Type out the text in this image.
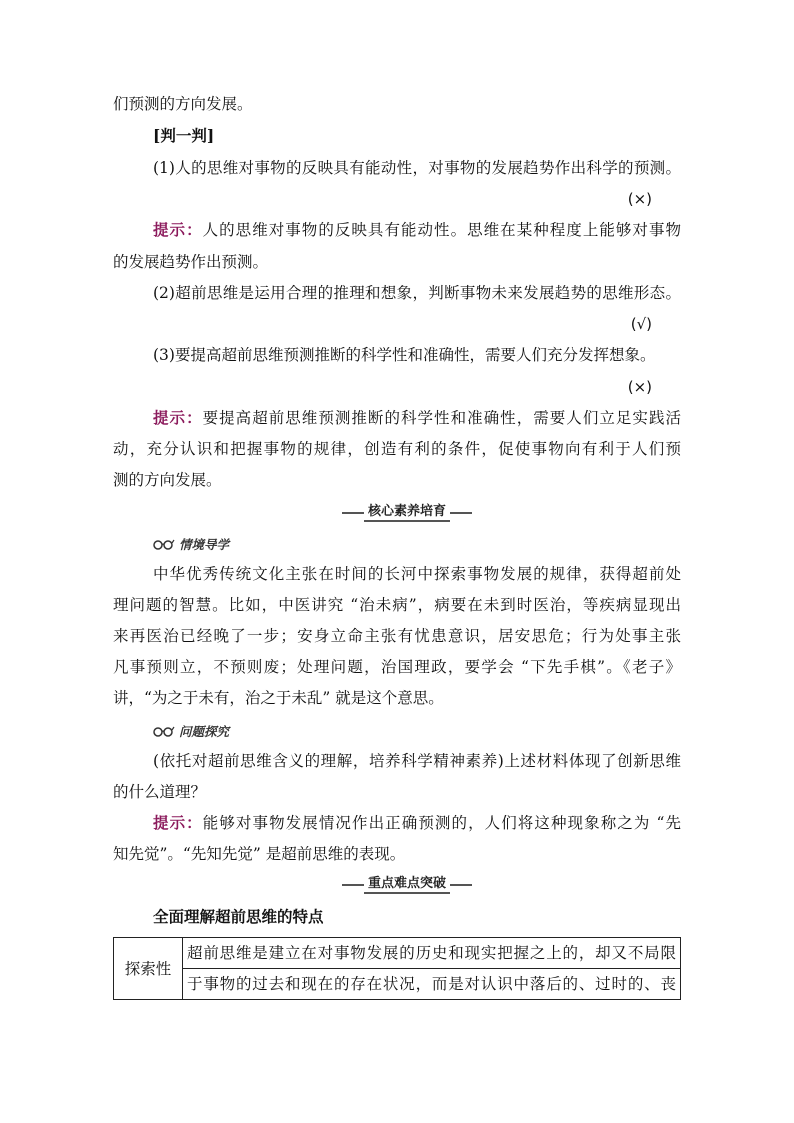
们预测的方向发展。
[判一判]
(1)人的思维对事物的反映具有能动性，对事物的发展趋势作出科学的预测。
(×)
提示：人的思维对事物的反映具有能动性。思维在某种程度上能够对事物
的发展趋势作出预测。
(2)超前思维是运用合理的推理和想象，判断事物未来发展趋势的思维形态。
(√)
(3)要提高超前思维预测推断的科学性和准确性，需要人们充分发挥想象。
(×)
提示：要提高超前思维预测推断的科学性和准确性，需要人们立足实践活
动，充分认识和把握事物的规律，创造有利的条件，促使事物向有利于人们预
测的方向发展。
核心素养培育
情境导学
中华优秀传统文化主张在时间的长河中探索事物发展的规律，获得超前处
理问题的智慧。比如，中医讲究 “治未病”，病要在未到时医治，等疾病显现出
来再医治已经晚了一步；安身立命主张有忧患意识，居安思危；行为处事主张
凡事预则立，不预则废；处理问题，治国理政，要学会 “下先手棋”。《老子》
讲，“为之于未有，治之于未乱” 就是这个意思。
问题探究
(依托对超前思维含义的理解，培养科学精神素养)上述材料体现了创新思维
的什么道理？
提示：能够对事物发展情况作出正确预测的，人们将这种现象称之为 “先
知先觉”。“先知先觉” 是超前思维的表现。
重点难点突破
全面理解超前思维的特点
探索性	超前思维是建立在对事物发展的历史和现实把握之上的，却又不局限
于事物的过去和现在的存在状况，而是对认识中落后的、过时的、丧
